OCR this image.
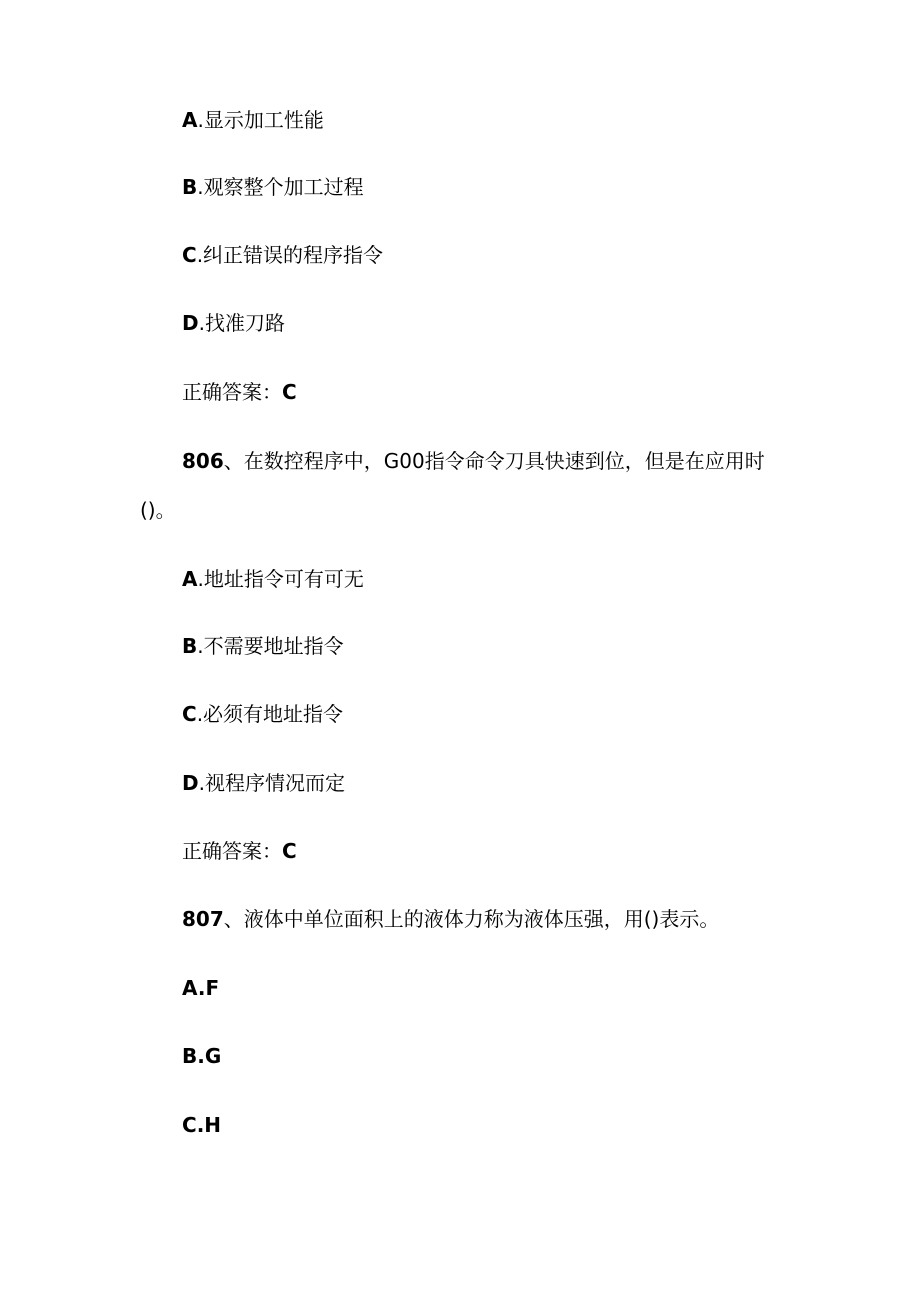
A.显示加工性能
B.观察整个加工过程
C.纠正错误的程序指令
D.找准刀路
正确答案：C
806、在数控程序中，G00指令命令刀具快速到位，但是在应用时
()。
A.地址指令可有可无
B.不需要地址指令
C.必须有地址指令
D.视程序情况而定
正确答案：C
807、液体中单位面积上的液体力称为液体压强，用()表示。
A.F
B.G
C.H
